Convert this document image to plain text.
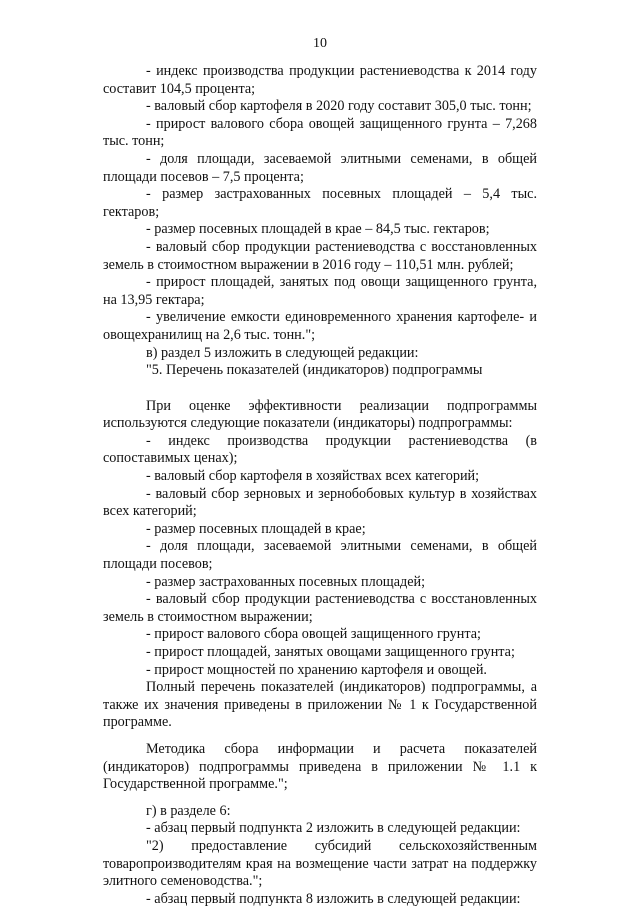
10

- индекс производства продукции растениеводства к 2014 году составит 104,5 процента;

- валовый сбор картофеля в 2020 году составит 305,0 тыс. тонн;

- прирост валового сбора овощей защищенного грунта – 7,268 тыс. тонн;

- доля площади, засеваемой элитными семенами, в общей площади посевов – 7,5 процента;

- размер застрахованных посевных площадей – 5,4 тыс. гектаров;

- размер посевных площадей в крае – 84,5 тыс. гектаров;

- валовый сбор продукции растениеводства с восстановленных земель в стоимостном выражении в 2016 году – 110,51 млн. рублей;

- прирост площадей, занятых под овощи защищенного грунта, на 13,95 гектара;

- увеличение емкости единовременного хранения картофеле- и овощехранилищ на 2,6 тыс. тонн.";

в) раздел 5 изложить в следующей редакции:

"5. Перечень показателей (индикаторов) подпрограммы

При оценке эффективности реализации подпрограммы используются следующие показатели (индикаторы) подпрограммы:

- индекс производства продукции растениеводства (в сопоставимых ценах);

- валовый сбор картофеля в хозяйствах всех категорий;

- валовый сбор зерновых и зернобобовых культур в хозяйствах всех категорий;

- размер посевных площадей в крае;

- доля площади, засеваемой элитными семенами, в общей площади посевов;

- размер застрахованных посевных площадей;

- валовый сбор продукции растениеводства с восстановленных земель в стоимостном выражении;

- прирост валового сбора овощей защищенного грунта;

- прирост площадей, занятых овощами защищенного грунта;

- прирост мощностей по хранению картофеля и овощей.

Полный перечень показателей (индикаторов) подпрограммы, а также их значения приведены в приложении № 1 к Государственной программе.

Методика сбора информации и расчета показателей (индикаторов) подпрограммы приведена в приложении № 1.1 к Государственной программе.";

г) в разделе 6:

- абзац первый подпункта 2 изложить в следующей редакции:

"2) предоставление субсидий сельскохозяйственным товаропроизводителям края на возмещение части затрат на поддержку элитного семеноводства.";

- абзац первый подпункта 8 изложить в следующей редакции:
